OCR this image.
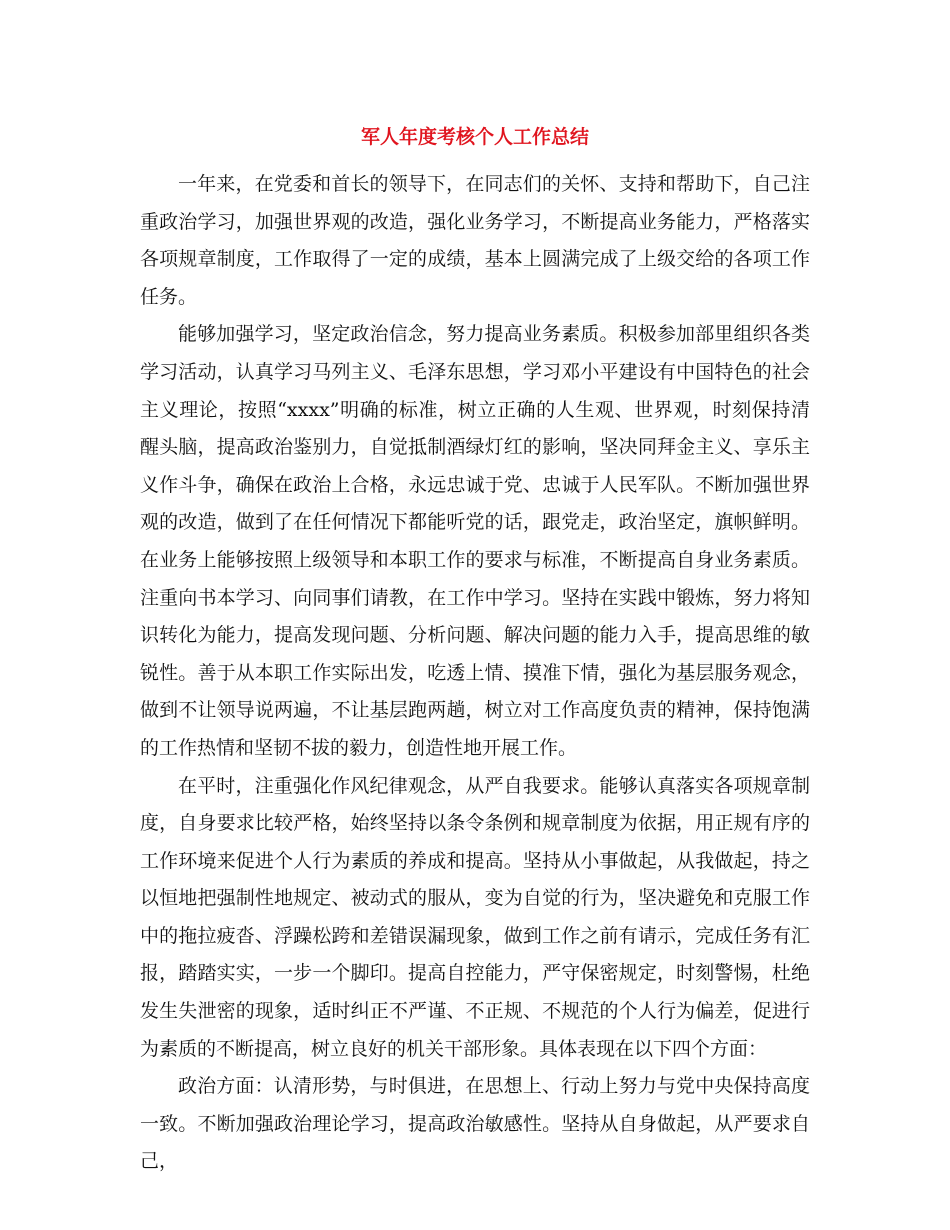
军人年度考核个人工作总结

一年来，在党委和首长的领导下，在同志们的关怀、支持和帮助下，自己注重政治学习，加强世界观的改造，强化业务学习，不断提高业务能力，严格落实各项规章制度，工作取得了一定的成绩，基本上圆满完成了上级交给的各项工作任务。

能够加强学习，坚定政治信念，努力提高业务素质。积极参加部里组织各类学习活动，认真学习马列主义、毛泽东思想，学习邓小平建设有中国特色的社会主义理论，按照“xxxx”明确的标准，树立正确的人生观、世界观，时刻保持清醒头脑，提高政治鉴别力，自觉抵制酒绿灯红的影响，坚决同拜金主义、享乐主义作斗争，确保在政治上合格，永远忠诚于党、忠诚于人民军队。不断加强世界观的改造，做到了在任何情况下都能听党的话，跟党走，政治坚定，旗帜鲜明。在业务上能够按照上级领导和本职工作的要求与标准，不断提高自身业务素质。注重向书本学习、向同事们请教，在工作中学习。坚持在实践中锻炼，努力将知识转化为能力，提高发现问题、分析问题、解决问题的能力入手，提高思维的敏锐性。善于从本职工作实际出发，吃透上情、摸准下情，强化为基层服务观念，做到不让领导说两遍，不让基层跑两趟，树立对工作高度负责的精神，保持饱满的工作热情和坚韧不拔的毅力，创造性地开展工作。

在平时，注重强化作风纪律观念，从严自我要求。能够认真落实各项规章制度，自身要求比较严格，始终坚持以条令条例和规章制度为依据，用正规有序的工作环境来促进个人行为素质的养成和提高。坚持从小事做起，从我做起，持之以恒地把强制性地规定、被动式的服从，变为自觉的行为，坚决避免和克服工作中的拖拉疲沓、浮躁松跨和差错误漏现象，做到工作之前有请示，完成任务有汇报，踏踏实实，一步一个脚印。提高自控能力，严守保密规定，时刻警惕，杜绝发生失泄密的现象，适时纠正不严谨、不正规、不规范的个人行为偏差，促进行为素质的不断提高，树立良好的机关干部形象。具体表现在以下四个方面：

政治方面：认清形势，与时俱进，在思想上、行动上努力与党中央保持高度一致。不断加强政治理论学习，提高政治敏感性。坚持从自身做起，从严要求自己，
